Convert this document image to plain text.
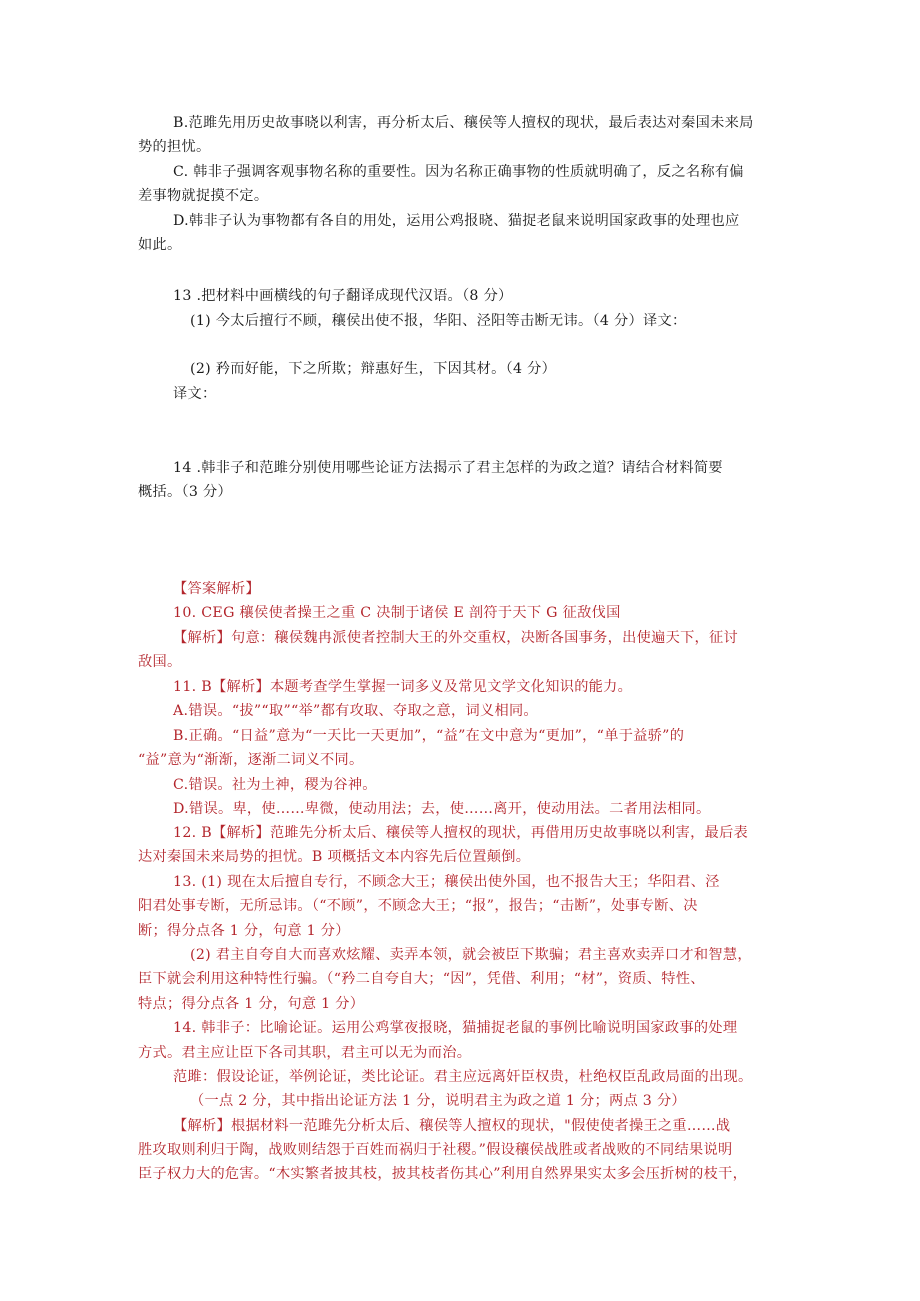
B.范雎先用历史故事晓以利害，再分析太后、穰侯等人擅权的现状，最后表达对秦国未来局
势的担忧。
C. 韩非子强调客观事物名称的重要性。因为名称正确事物的性质就明确了，反之名称有偏
差事物就捉摸不定。
D.韩非子认为事物都有各自的用处，运用公鸡报晓、猫捉老鼠来说明国家政事的处理也应
如此。
13 .把材料中画横线的句子翻译成现代汉语。（8 分）
(1) 今太后擅行不顾，穰侯出使不报，华阳、泾阳等击断无讳。（4 分）译文：
(2) 矜而好能，下之所欺；辩惠好生，下因其材。（4 分）
译文：
14 .韩非子和范雎分别使用哪些论证方法揭示了君主怎样的为政之道？请结合材料简要
概括。（3 分）
【答案解析】
10. CEG 穰侯使者操王之重 C 决制于诸侯 E 剖符于天下 G 征敌伐国
【解析】句意：穰侯魏冉派使者控制大王的外交重权，决断各国事务，出使遍天下，征讨
敌国。
11. B【解析】本题考查学生掌握一词多义及常见文学文化知识的能力。
A.错误。“拔”“取”“举”都有攻取、夺取之意，词义相同。
B.正确。“日益”意为“一天比一天更加”，“益”在文中意为“更加”，“单于益骄”的
“益”意为“渐渐，逐渐二词义不同。
C.错误。社为土神，稷为谷神。
D.错误。卑，使……卑微，使动用法；去，使……离开，使动用法。二者用法相同。
12. B【解析】范雎先分析太后、穰侯等人擅权的现状，再借用历史故事晓以利害，最后表
达对秦国未来局势的担忧。B 项概括文本内容先后位置颠倒。
13. (1) 现在太后擅自专行，不顾念大王；穰侯出使外国，也不报告大王；华阳君、泾
阳君处事专断，无所忌讳。（“不顾”，不顾念大王；“报”，报告；“击断”，处事专断、决
断；得分点各 1 分，句意 1 分）
(2) 君主自夸自大而喜欢炫耀、卖弄本领，就会被臣下欺骗；君主喜欢卖弄口才和智慧，
臣下就会利用这种特性行骗。（“矜二自夸自大；“因”，凭借、利用；“材”，资质、特性、
特点；得分点各 1 分，句意 1 分）
14. 韩非子：比喻论证。运用公鸡掌夜报晓，猫捕捉老鼠的事例比喻说明国家政事的处理
方式。君主应让臣下各司其职，君主可以无为而治。
范雎：假设论证，举例论证，类比论证。君主应远离奸臣权贵，杜绝权臣乱政局面的出现。
（一点 2 分，其中指出论证方法 1 分，说明君主为政之道 1 分；两点 3 分）
【解析】根据材料一范雎先分析太后、穰侯等人擅权的现状，"假使使者操王之重……战
胜攻取则利归于陶，战败则结怨于百姓而祸归于社稷。”假设穰侯战胜或者战败的不同结果说明
臣子权力大的危害。“木实繁者披其枝，披其枝者伤其心”利用自然界果实太多会压折树的枝干，
